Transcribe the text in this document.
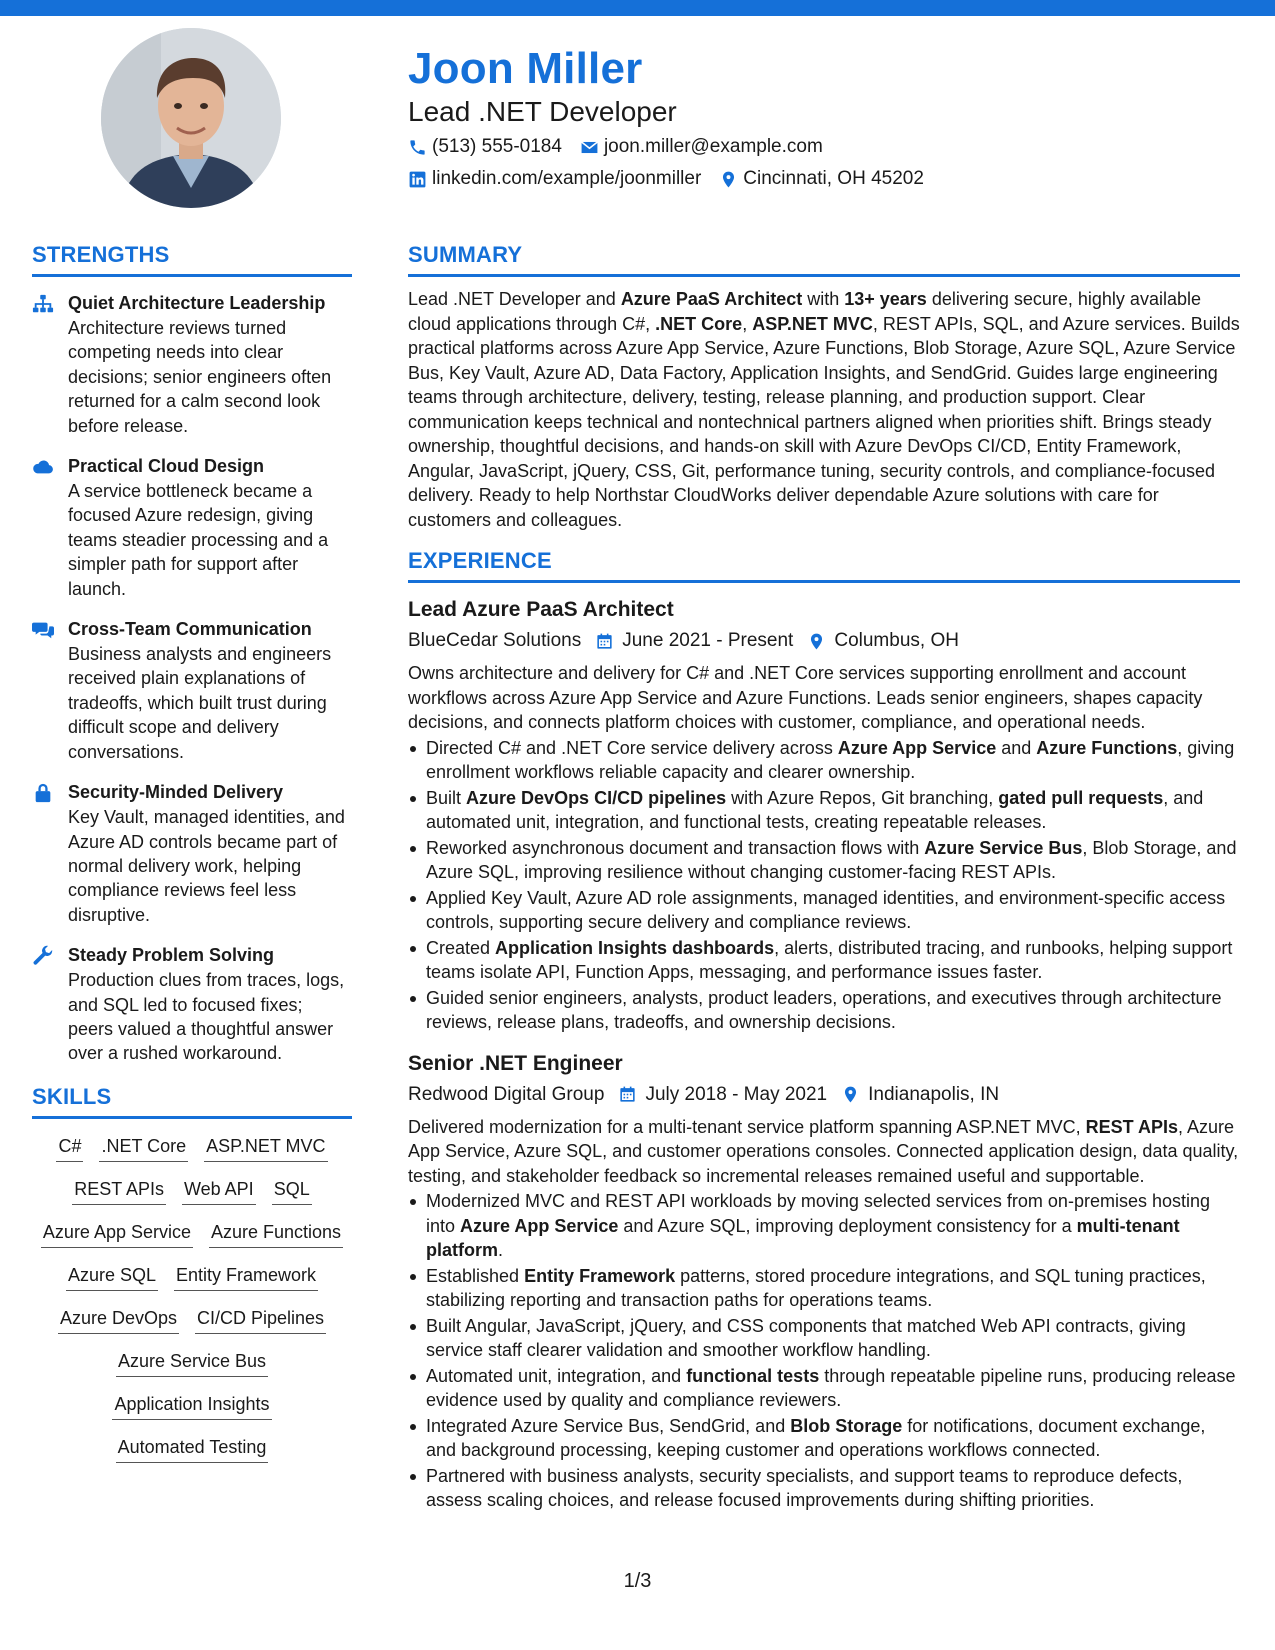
Joon Miller
Lead .NET Developer
(513) 555-0184 joon.miller@example.com
linkedin.com/example/joonmiller Cincinnati, OH 45202
STRENGTHS
Quiet Architecture Leadership
Architecture reviews turned competing needs into clear decisions; senior engineers often returned for a calm second look before release.
Practical Cloud Design
A service bottleneck became a focused Azure redesign, giving teams steadier processing and a simpler path for support after launch.
Cross-Team Communication
Business analysts and engineers received plain explanations of tradeoffs, which built trust during difficult scope and delivery conversations.
Security-Minded Delivery
Key Vault, managed identities, and Azure AD controls became part of normal delivery work, helping compliance reviews feel less disruptive.
Steady Problem Solving
Production clues from traces, logs, and SQL led to focused fixes; peers valued a thoughtful answer over a rushed workaround.
SKILLS
C# .NET Core ASP.NET MVC
REST APIs Web API SQL
Azure App Service Azure Functions
Azure SQL Entity Framework
Azure DevOps CI/CD Pipelines
Azure Service Bus
Application Insights
Automated Testing
SUMMARY
Lead .NET Developer and Azure PaaS Architect with 13+ years delivering secure, highly available cloud applications through C#, .NET Core, ASP.NET MVC, REST APIs, SQL, and Azure services. Builds practical platforms across Azure App Service, Azure Functions, Blob Storage, Azure SQL, Azure Service Bus, Key Vault, Azure AD, Data Factory, Application Insights, and SendGrid. Guides large engineering teams through architecture, delivery, testing, release planning, and production support. Clear communication keeps technical and nontechnical partners aligned when priorities shift. Brings steady ownership, thoughtful decisions, and hands-on skill with Azure DevOps CI/CD, Entity Framework, Angular, JavaScript, jQuery, CSS, Git, performance tuning, security controls, and compliance-focused delivery. Ready to help Northstar CloudWorks deliver dependable Azure solutions with care for customers and colleagues.
EXPERIENCE
Lead Azure PaaS Architect
BlueCedar Solutions June 2021 - Present Columbus, OH
Owns architecture and delivery for C# and .NET Core services supporting enrollment and account workflows across Azure App Service and Azure Functions. Leads senior engineers, shapes capacity decisions, and connects platform choices with customer, compliance, and operational needs.
Directed C# and .NET Core service delivery across Azure App Service and Azure Functions, giving enrollment workflows reliable capacity and clearer ownership.
Built Azure DevOps CI/CD pipelines with Azure Repos, Git branching, gated pull requests, and automated unit, integration, and functional tests, creating repeatable releases.
Reworked asynchronous document and transaction flows with Azure Service Bus, Blob Storage, and Azure SQL, improving resilience without changing customer-facing REST APIs.
Applied Key Vault, Azure AD role assignments, managed identities, and environment-specific access controls, supporting secure delivery and compliance reviews.
Created Application Insights dashboards, alerts, distributed tracing, and runbooks, helping support teams isolate API, Function Apps, messaging, and performance issues faster.
Guided senior engineers, analysts, product leaders, operations, and executives through architecture reviews, release plans, tradeoffs, and ownership decisions.
Senior .NET Engineer
Redwood Digital Group July 2018 - May 2021 Indianapolis, IN
Delivered modernization for a multi-tenant service platform spanning ASP.NET MVC, REST APIs, Azure App Service, Azure SQL, and customer operations consoles. Connected application design, data quality, testing, and stakeholder feedback so incremental releases remained useful and supportable.
Modernized MVC and REST API workloads by moving selected services from on-premises hosting into Azure App Service and Azure SQL, improving deployment consistency for a multi-tenant platform.
Established Entity Framework patterns, stored procedure integrations, and SQL tuning practices, stabilizing reporting and transaction paths for operations teams.
Built Angular, JavaScript, jQuery, and CSS components that matched Web API contracts, giving service staff clearer validation and smoother workflow handling.
Automated unit, integration, and functional tests through repeatable pipeline runs, producing release evidence used by quality and compliance reviewers.
Integrated Azure Service Bus, SendGrid, and Blob Storage for notifications, document exchange, and background processing, keeping customer and operations workflows connected.
Partnered with business analysts, security specialists, and support teams to reproduce defects, assess scaling choices, and release focused improvements during shifting priorities.
1/3
